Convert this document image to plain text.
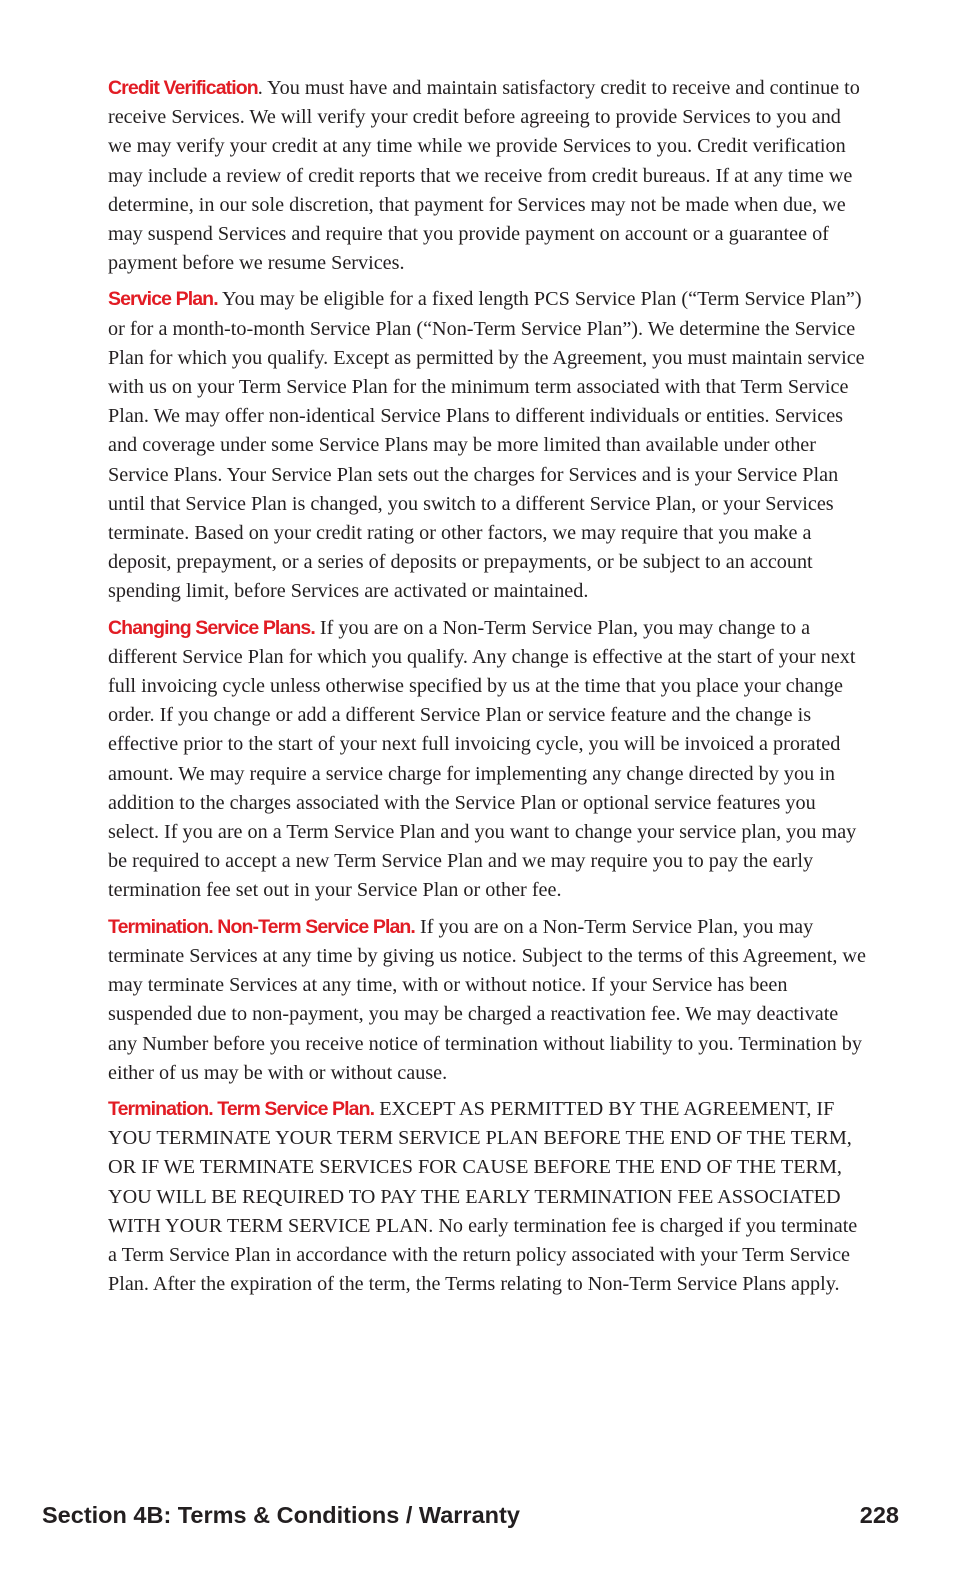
Credit Verification. You must have and maintain satisfactory credit to receive and continue to receive Services. We will verify your credit before agreeing to provide Services to you and we may verify your credit at any time while we provide Services to you. Credit verification may include a review of credit reports that we receive from credit bureaus. If at any time we determine, in our sole discretion, that payment for Services may not be made when due, we may suspend Services and require that you provide payment on account or a guarantee of payment before we resume Services.

Service Plan. You may be eligible for a fixed length PCS Service Plan (“Term Service Plan”) or for a month-to-month Service Plan (“Non-Term Service Plan”). We determine the Service Plan for which you qualify. Except as permitted by the Agreement, you must maintain service with us on your Term Service Plan for the minimum term associated with that Term Service Plan. We may offer non-identical Service Plans to different individuals or entities. Services and coverage under some Service Plans may be more limited than available under other Service Plans. Your Service Plan sets out the charges for Services and is your Service Plan until that Service Plan is changed, you switch to a different Service Plan, or your Services terminate. Based on your credit rating or other factors, we may require that you make a deposit, prepayment, or a series of deposits or prepayments, or be subject to an account spending limit, before Services are activated or maintained.

Changing Service Plans. If you are on a Non-Term Service Plan, you may change to a different Service Plan for which you qualify. Any change is effective at the start of your next full invoicing cycle unless otherwise specified by us at the time that you place your change order. If you change or add a different Service Plan or service feature and the change is effective prior to the start of your next full invoicing cycle, you will be invoiced a prorated amount. We may require a service charge for implementing any change directed by you in addition to the charges associated with the Service Plan or optional service features you select. If you are on a Term Service Plan and you want to change your service plan, you may be required to accept a new Term Service Plan and we may require you to pay the early termination fee set out in your Service Plan or other fee.

Termination. Non-Term Service Plan. If you are on a Non-Term Service Plan, you may terminate Services at any time by giving us notice. Subject to the terms of this Agreement, we may terminate Services at any time, with or without notice. If your Service has been suspended due to non-payment, you may be charged a reactivation fee. We may deactivate any Number before you receive notice of termination without liability to you. Termination by either of us may be with or without cause.

Termination. Term Service Plan. EXCEPT AS PERMITTED BY THE AGREEMENT, IF YOU TERMINATE YOUR TERM SERVICE PLAN BEFORE THE END OF THE TERM, OR IF WE TERMINATE SERVICES FOR CAUSE BEFORE THE END OF THE TERM, YOU WILL BE REQUIRED TO PAY THE EARLY TERMINATION FEE ASSOCIATED WITH YOUR TERM SERVICE PLAN. No early termination fee is charged if you terminate a Term Service Plan in accordance with the return policy associated with your Term Service Plan. After the expiration of the term, the Terms relating to Non-Term Service Plans apply.

Section 4B: Terms & Conditions / Warranty	228
